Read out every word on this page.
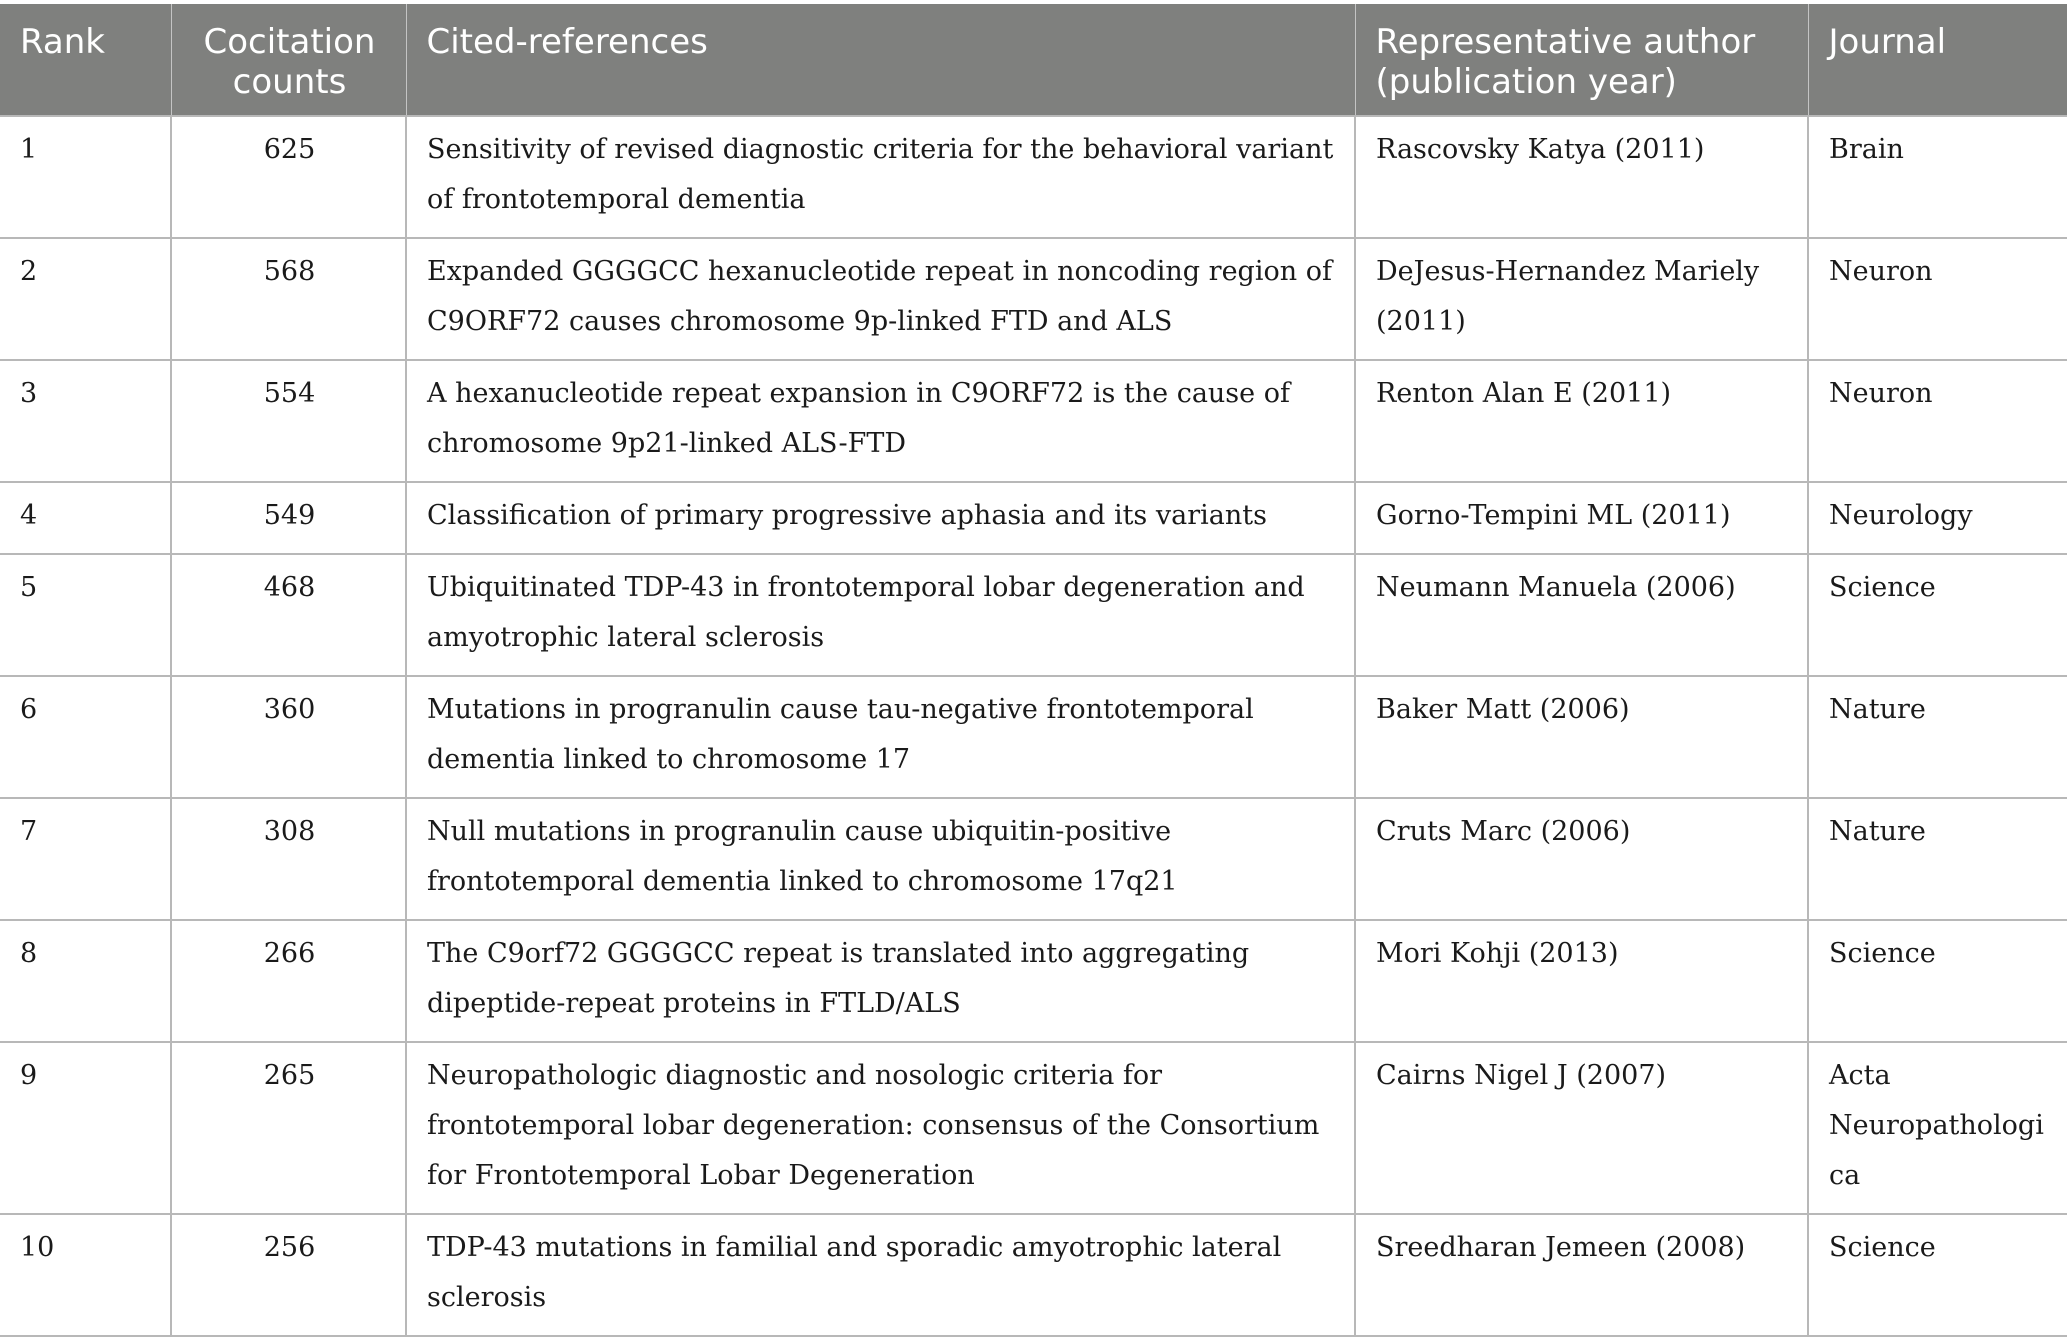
Rank	Cocitation counts	Cited-references	Representative author (publication year)	Journal
1	625	Sensitivity of revised diagnostic criteria for the behavioral variant of frontotemporal dementia	Rascovsky Katya (2011)	Brain
2	568	Expanded GGGGCC hexanucleotide repeat in noncoding region of C9ORF72 causes chromosome 9p-linked FTD and ALS	DeJesus-Hernandez Mariely (2011)	Neuron
3	554	A hexanucleotide repeat expansion in C9ORF72 is the cause of chromosome 9p21-linked ALS-FTD	Renton Alan E (2011)	Neuron
4	549	Classification of primary progressive aphasia and its variants	Gorno-Tempini ML (2011)	Neurology
5	468	Ubiquitinated TDP-43 in frontotemporal lobar degeneration and amyotrophic lateral sclerosis	Neumann Manuela (2006)	Science
6	360	Mutations in progranulin cause tau-negative frontotemporal dementia linked to chromosome 17	Baker Matt (2006)	Nature
7	308	Null mutations in progranulin cause ubiquitin-positive frontotemporal dementia linked to chromosome 17q21	Cruts Marc (2006)	Nature
8	266	The C9orf72 GGGGCC repeat is translated into aggregating dipeptide-repeat proteins in FTLD/ALS	Mori Kohji (2013)	Science
9	265	Neuropathologic diagnostic and nosologic criteria for frontotemporal lobar degeneration: consensus of the Consortium for Frontotemporal Lobar Degeneration	Cairns Nigel J (2007)	Acta Neuropathologica
10	256	TDP-43 mutations in familial and sporadic amyotrophic lateral sclerosis	Sreedharan Jemeen (2008)	Science
